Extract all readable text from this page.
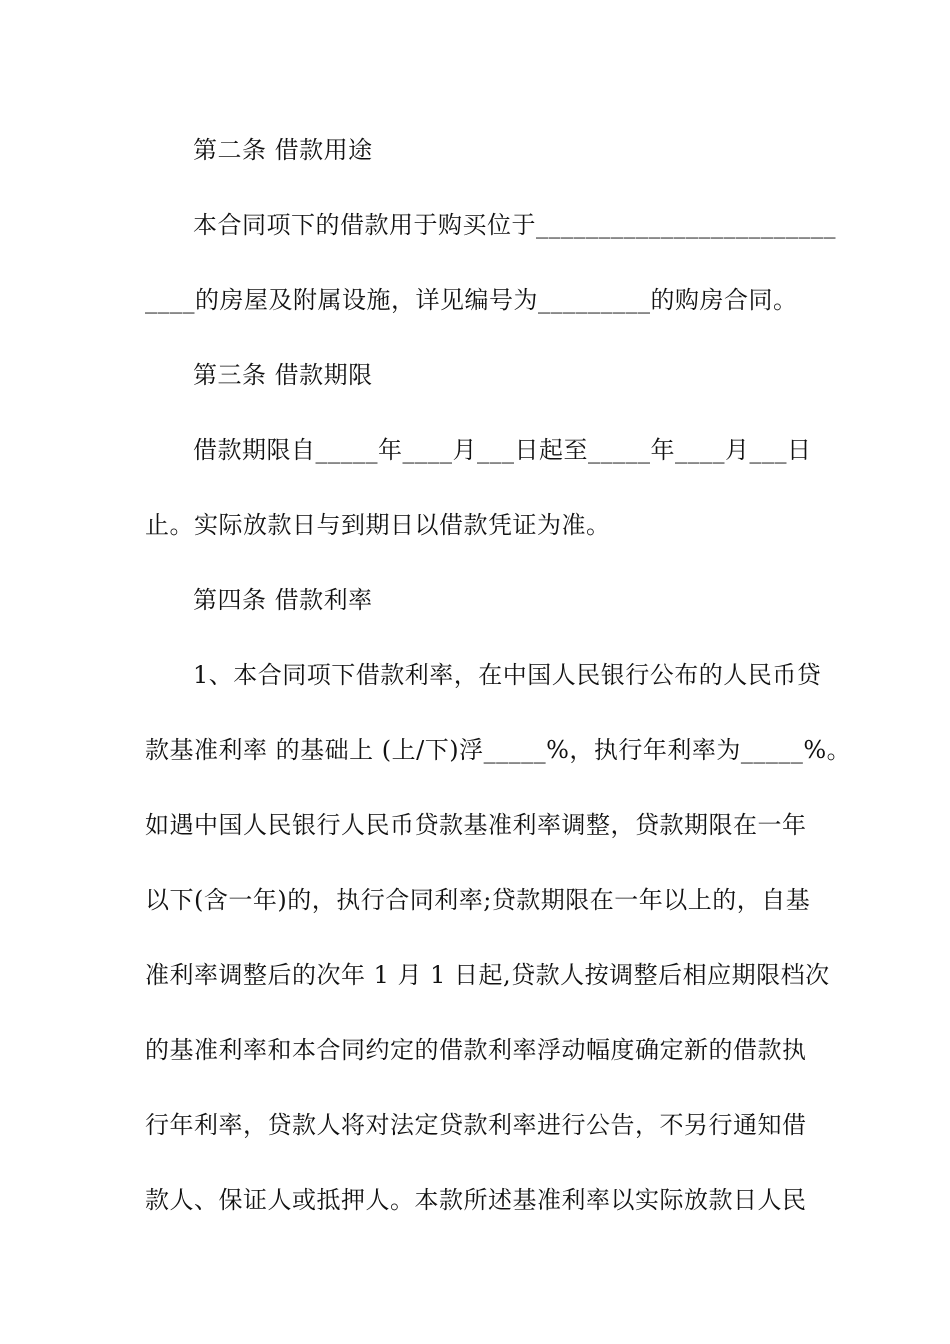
第二条 借款用途
本合同项下的借款用于购买位于________________________
____的房屋及附属设施，详见编号为_________的购房合同。
第三条 借款期限
借款期限自_____年____月___日起至_____年____月___日
止。实际放款日与到期日以借款凭证为准。
第四条 借款利率
1、本合同项下借款利率，在中国人民银行公布的人民币贷
款基准利率 的基础上 (上/下)浮_____%，执行年利率为_____%。
如遇中国人民银行人民币贷款基准利率调整，贷款期限在一年
以下(含一年)的，执行合同利率;贷款期限在一年以上的，自基
准利率调整后的次年 1 月 1 日起,贷款人按调整后相应期限档次
的基准利率和本合同约定的借款利率浮动幅度确定新的借款执
行年利率，贷款人将对法定贷款利率进行公告，不另行通知借
款人、保证人或抵押人。本款所述基准利率以实际放款日人民
